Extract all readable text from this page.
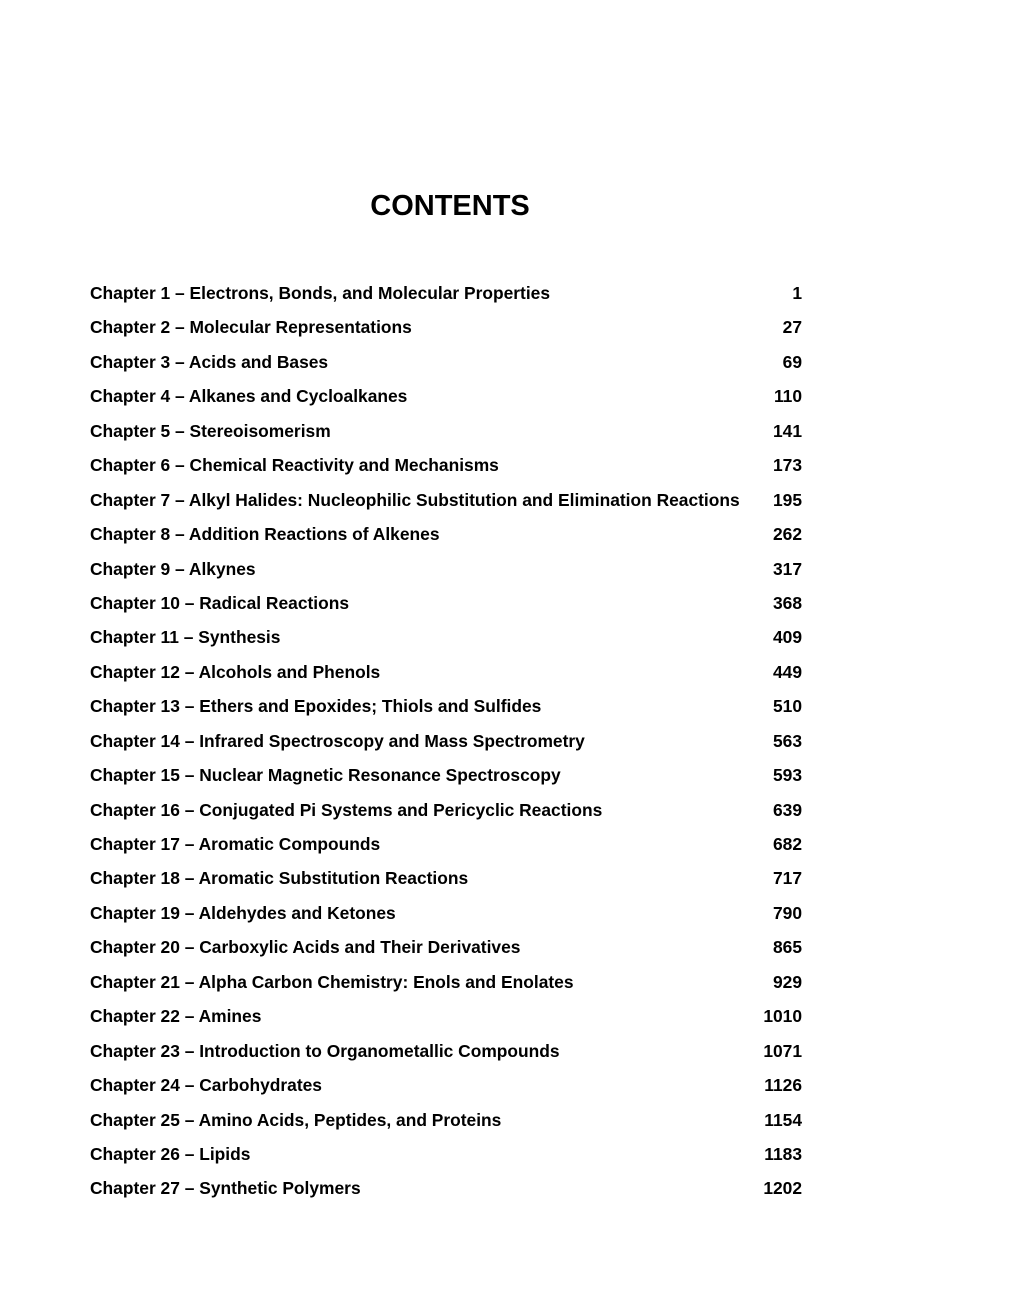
CONTENTS
Chapter 1 – Electrons, Bonds, and Molecular Properties	1
Chapter 2 – Molecular Representations	27
Chapter 3 – Acids and Bases	69
Chapter 4 – Alkanes and Cycloalkanes	110
Chapter 5 – Stereoisomerism	141
Chapter 6 – Chemical Reactivity and Mechanisms	173
Chapter 7 – Alkyl Halides: Nucleophilic Substitution and Elimination Reactions	195
Chapter 8 – Addition Reactions of Alkenes	262
Chapter 9 – Alkynes	317
Chapter 10 – Radical Reactions	368
Chapter 11 – Synthesis	409
Chapter 12 – Alcohols and Phenols	449
Chapter 13 – Ethers and Epoxides; Thiols and Sulfides	510
Chapter 14 – Infrared Spectroscopy and Mass Spectrometry	563
Chapter 15 – Nuclear Magnetic Resonance Spectroscopy	593
Chapter 16 – Conjugated Pi Systems and Pericyclic Reactions	639
Chapter 17 – Aromatic Compounds	682
Chapter 18 – Aromatic Substitution Reactions	717
Chapter 19 – Aldehydes and Ketones	790
Chapter 20 – Carboxylic Acids and Their Derivatives	865
Chapter 21 – Alpha Carbon Chemistry: Enols and Enolates	929
Chapter 22 – Amines	1010
Chapter 23 – Introduction to Organometallic Compounds	1071
Chapter 24 – Carbohydrates	1126
Chapter 25 – Amino Acids, Peptides, and Proteins	1154
Chapter 26 – Lipids	1183
Chapter 27 – Synthetic Polymers	1202
